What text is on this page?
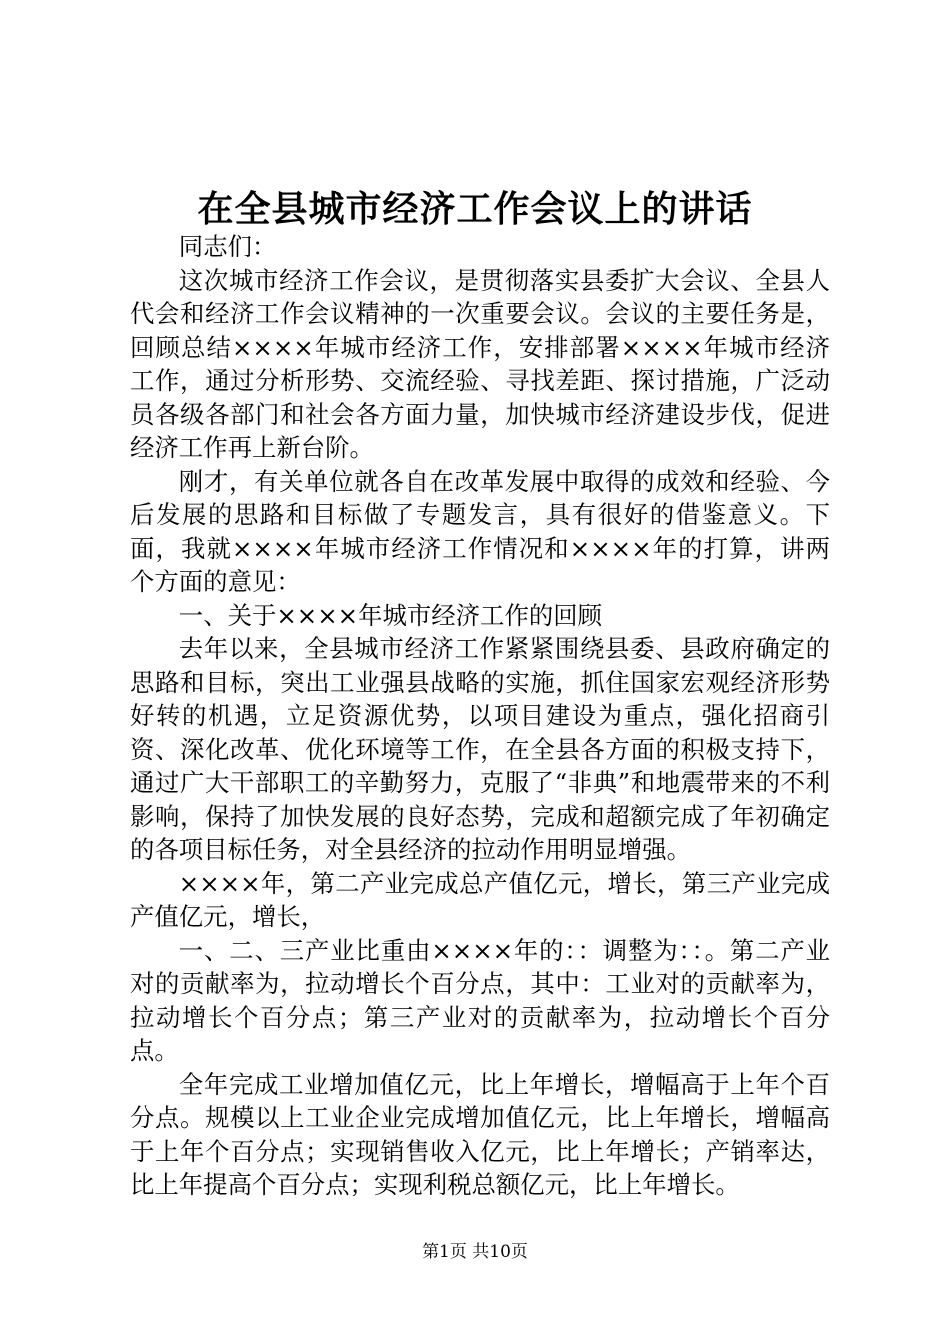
在全县城市经济工作会议上的讲话

同志们：

这次城市经济工作会议，是贯彻落实县委扩大会议、全县人代会和经济工作会议精神的一次重要会议。会议的主要任务是，回顾总结××××年城市经济工作，安排部署××××年城市经济工作，通过分析形势、交流经验、寻找差距、探讨措施，广泛动员各级各部门和社会各方面力量，加快城市经济建设步伐，促进经济工作再上新台阶。

刚才，有关单位就各自在改革发展中取得的成效和经验、今后发展的思路和目标做了专题发言，具有很好的借鉴意义。下面，我就××××年城市经济工作情况和××××年的打算，讲两个方面的意见：

一、关于××××年城市经济工作的回顾

去年以来，全县城市经济工作紧紧围绕县委、县政府确定的思路和目标，突出工业强县战略的实施，抓住国家宏观经济形势好转的机遇，立足资源优势，以项目建设为重点，强化招商引资、深化改革、优化环境等工作，在全县各方面的积极支持下，通过广大干部职工的辛勤努力，克服了“非典”和地震带来的不利影响，保持了加快发展的良好态势，完成和超额完成了年初确定的各项目标任务，对全县经济的拉动作用明显增强。

××××年，第二产业完成总产值亿元，增长，第三产业完成产值亿元，增长，

一、二、三产业比重由××××年的：：调整为：：。第二产业对的贡献率为，拉动增长个百分点，其中：工业对的贡献率为，拉动增长个百分点；第三产业对的贡献率为，拉动增长个百分点。

全年完成工业增加值亿元，比上年增长，增幅高于上年个百分点。规模以上工业企业完成增加值亿元，比上年增长，增幅高于上年个百分点；实现销售收入亿元，比上年增长；产销率达，比上年提高个百分点；实现利税总额亿元，比上年增长。

第1页 共10页
